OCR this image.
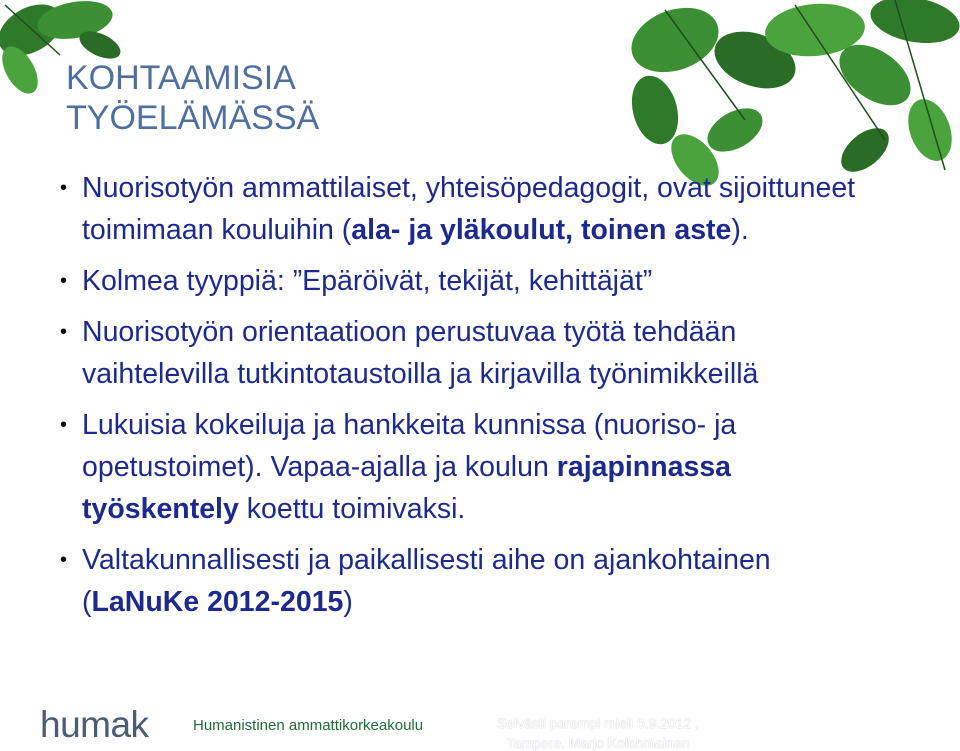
KOHTAAMISIA
TYÖELÄMÄSSÄ
• Nuorisotyön ammattilaiset, yhteisöpedagogit, ovat sijoittuneet toimimaan kouluihin (ala- ja yläkoulut, toinen aste).
• Kolmea tyyppiä: ”Epäröivät, tekijät, kehittäjät”
• Nuorisotyön orientaatioon perustuvaa työtä tehdään vaihtelevilla tutkintotaustoilla ja kirjavilla työnimikkeillä
• Lukuisia kokeiluja ja hankkeita kunnissa (nuoriso- ja opetustoimet). Vapaa-ajalla ja koulun rajapinnassa työskentely koettu toimivaksi.
• Valtakunnallisesti ja paikallisesti aihe on ajankohtainen (LaNuKe 2012-2015)
humak	Humanistinen ammattikorkeakoulu	Selvästi parempi mieli 5.9.2012 ,
Tampere. Marjo Kolehmainen
